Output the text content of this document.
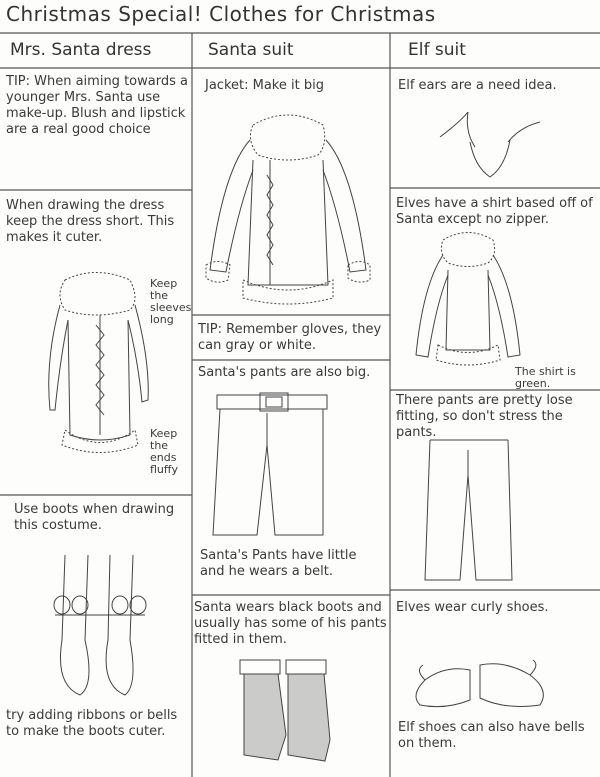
Christmas Special! Clothes for Christmas
Mrs. Santa dress	Santa suit	Elf suit
TIP: When aiming towards a younger Mrs. Santa use make-up. Blush and lipstick are a real good choice
When drawing the dress keep the dress short. This makes it cuter.
Keep the sleeves long
Keep the ends fluffy
Use boots when drawing this costume.
try adding ribbons or bells to make the boots cuter.
Jacket: Make it big
TIP: Remember gloves, they can gray or white.
Santa's pants are also big.
Santa's Pants have little and he wears a belt.
Santa wears black boots and usually has some of his pants fitted in them.
Elf ears are a need idea.
Elves have a shirt based off of Santa except no zipper.
The shirt is green.
There pants are pretty lose fitting, so don't stress the pants.
Elves wear curly shoes.
Elf shoes can also have bells on them.
